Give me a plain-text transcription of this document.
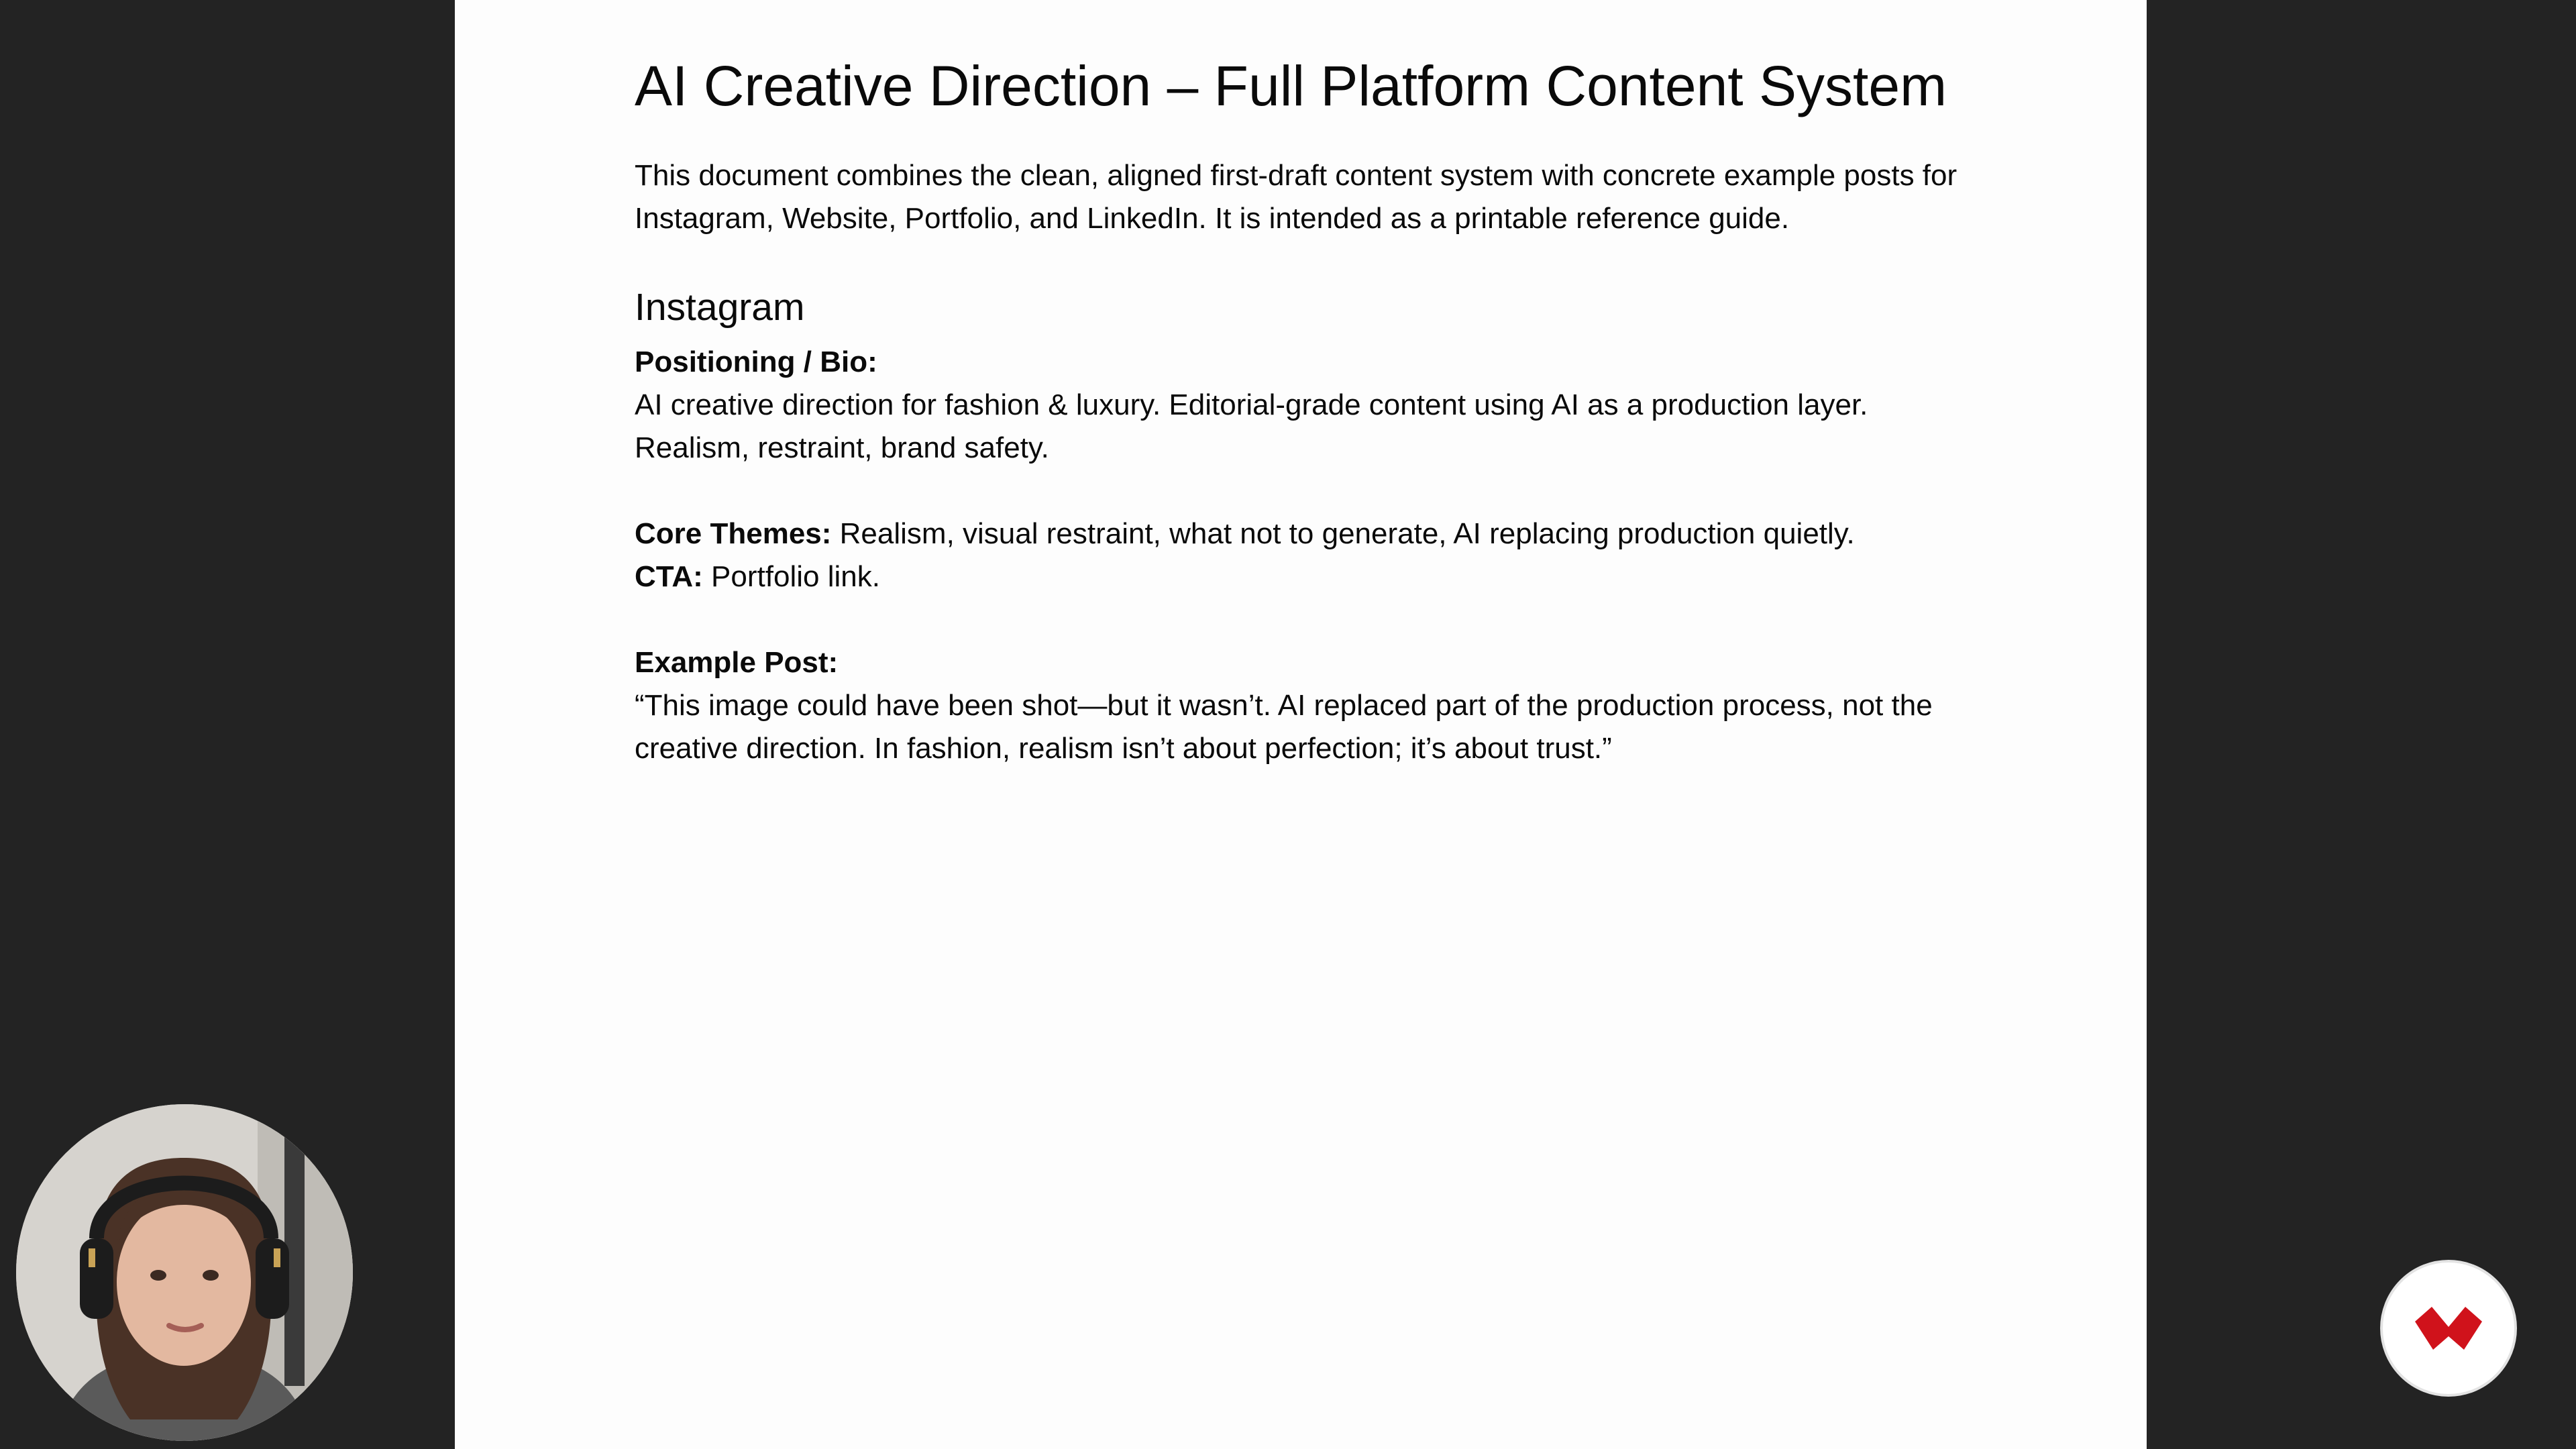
AI Creative Direction – Full Platform Content System

This document combines the clean, aligned first-draft content system with concrete example posts for
Instagram, Website, Portfolio, and LinkedIn. It is intended as a printable reference guide.

Instagram

Positioning / Bio:
AI creative direction for fashion & luxury. Editorial-grade content using AI as a production layer.
Realism, restraint, brand safety.

Core Themes: Realism, visual restraint, what not to generate, AI replacing production quietly.
CTA: Portfolio link.

Example Post:
“This image could have been shot—but it wasn’t. AI replaced part of the production process, not the
creative direction. In fashion, realism isn’t about perfection; it’s about trust.”
